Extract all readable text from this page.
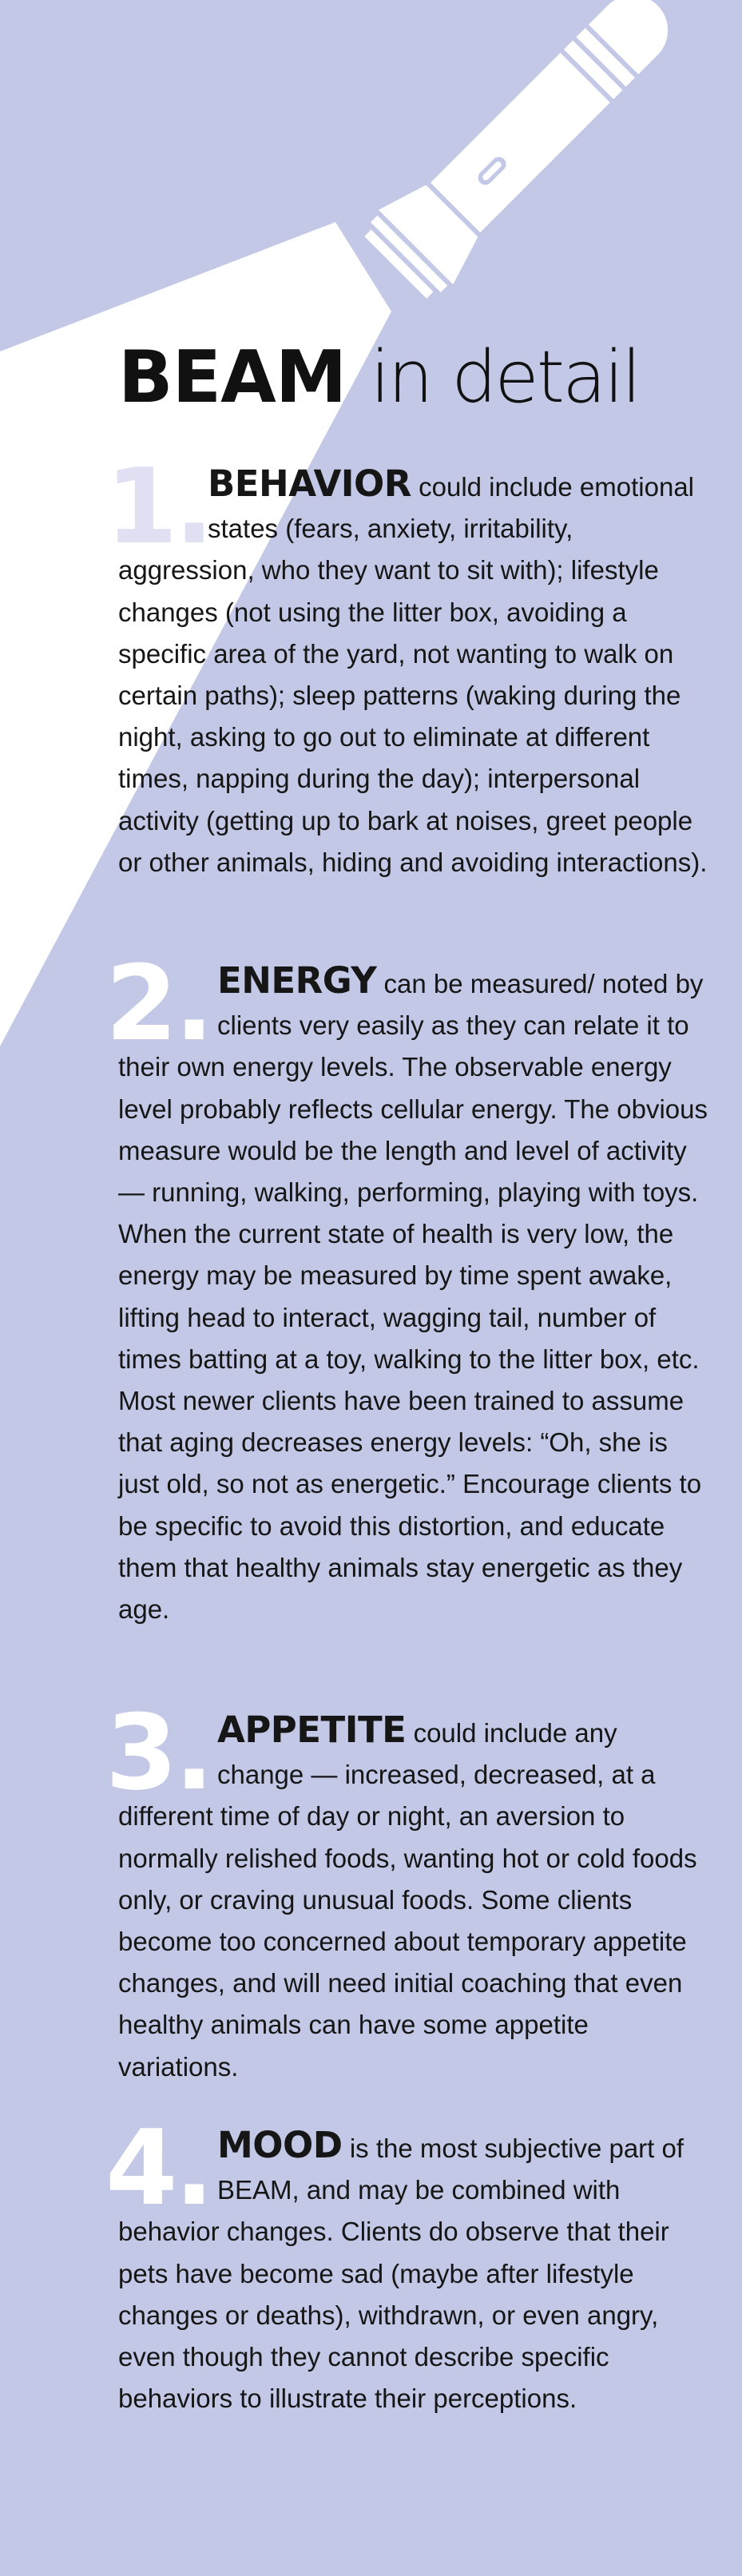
BEAM in detail
1.

BEHAVIOR could include emotional states (fears, anxiety, irritability, aggression, who they want to sit with); lifestyle changes (not using the litter box, avoiding a specific area of the yard, not wanting to walk on certain paths); sleep patterns (waking during the night, asking to go out to eliminate at different times, napping during the day); interpersonal activity (getting up to bark at noises, greet people or other animals, hiding and avoiding interactions).

2. ENERGY can be measured/ noted by clients very easily as they can relate it to their own energy levels. The observable energy level probably reflects cellular energy. The obvious measure would be the length and level of activity — running, walking, performing, playing with toys. When the current state of health is very low, the energy may be measured by time spent awake, lifting head to interact, wagging tail, number of times batting at a toy, walking to the litter box, etc. Most newer clients have been trained to assume that aging decreases energy levels: “Oh, she is just old, so not as energetic.” Encourage clients to be specific to avoid this distortion, and educate them that healthy animals stay energetic as they age.

3. APPETITE could include any change — increased, decreased, at a different time of day or night, an aversion to normally relished foods, wanting hot or cold foods only, or craving unusual foods. Some clients become too concerned about temporary appetite changes, and will need initial coaching that even healthy animals can have some appetite variations.

4. MOOD is the most subjective part of BEAM, and may be combined with behavior changes. Clients do observe that their pets have become sad (maybe after lifestyle changes or deaths), withdrawn, or even angry, even though they cannot describe specific behaviors to illustrate their perceptions.
